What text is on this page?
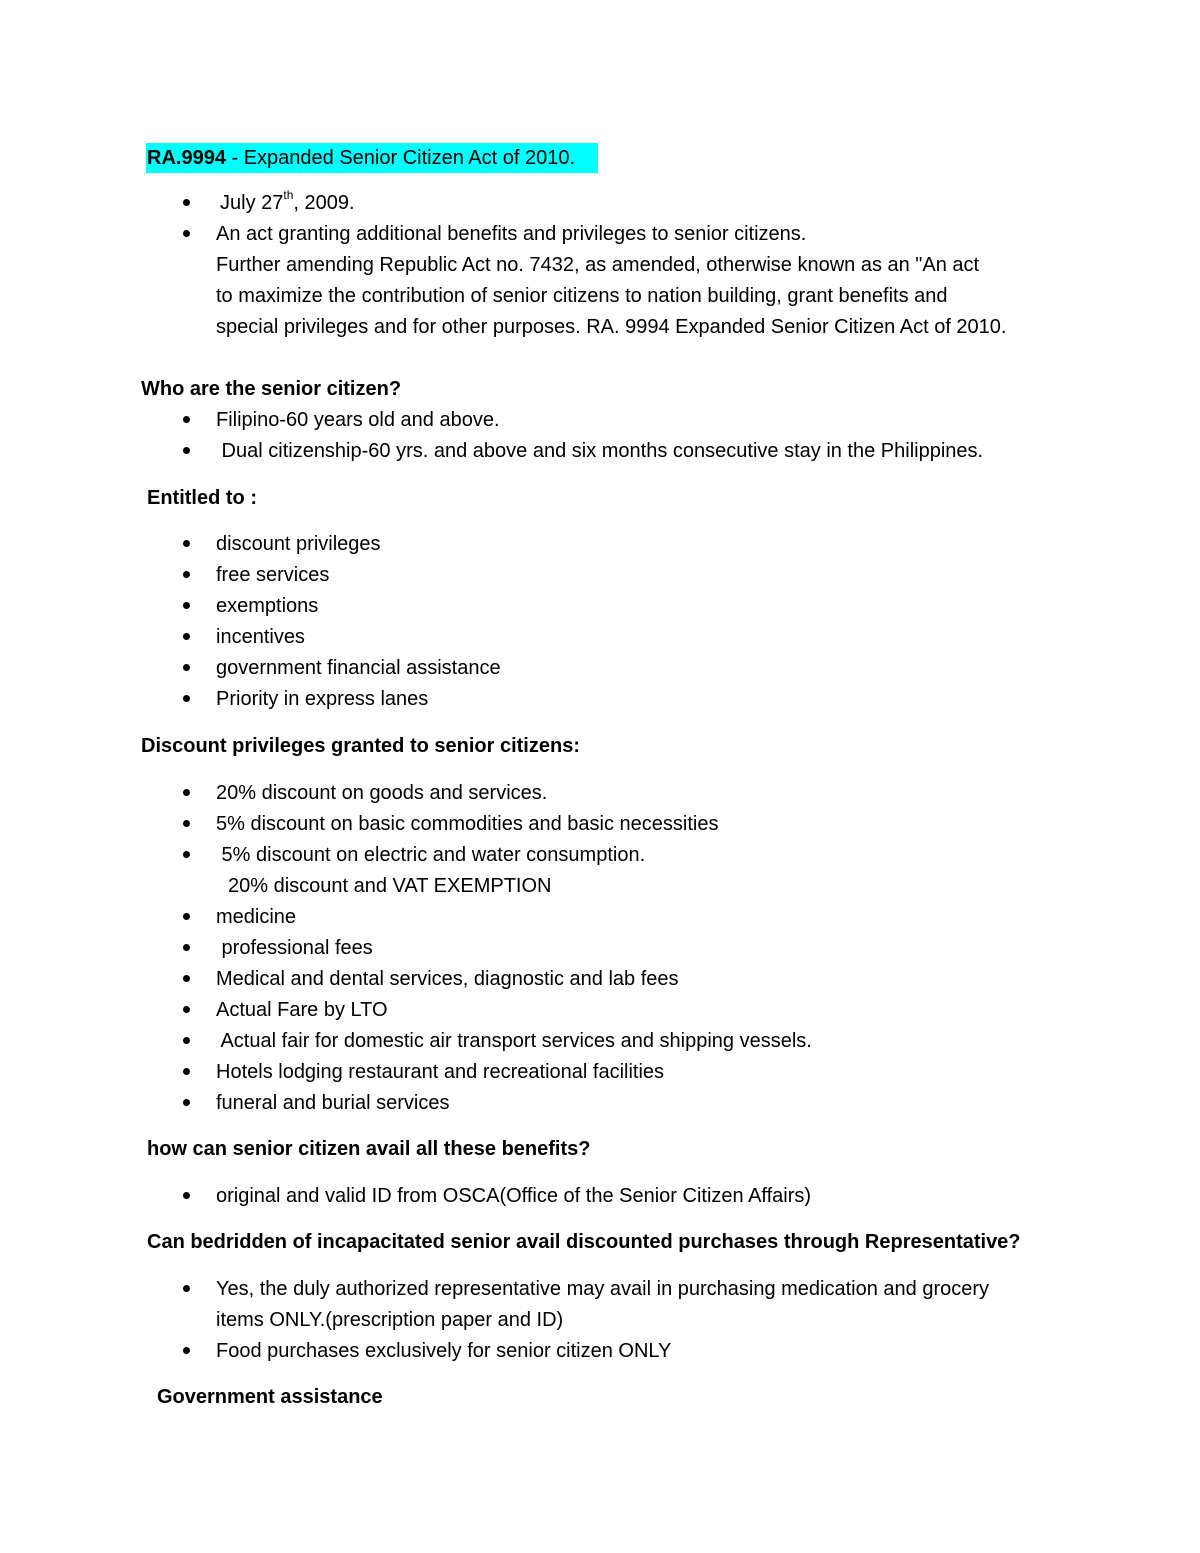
RA.9994 - Expanded Senior Citizen Act of 2010.
July 27th, 2009.
An act granting additional benefits and privileges to senior citizens.
Further amending Republic Act no. 7432, as amended, otherwise known as an "An act
to maximize the contribution of senior citizens to nation building, grant benefits and
special privileges and for other purposes. RA. 9994 Expanded Senior Citizen Act of 2010.
Who are the senior citizen?
Filipino-60 years old and above.
Dual citizenship-60 yrs. and above and six months consecutive stay in the Philippines.
Entitled to :
discount privileges
free services
exemptions
incentives
government financial assistance
Priority in express lanes
Discount privileges granted to senior citizens:
20% discount on goods and services.
5% discount on basic commodities and basic necessities
5% discount on electric and water consumption.
20% discount and VAT EXEMPTION
medicine
professional fees
Medical and dental services, diagnostic and lab fees
Actual Fare by LTO
Actual fair for domestic air transport services and shipping vessels.
Hotels lodging restaurant and recreational facilities
funeral and burial services
how can senior citizen avail all these benefits?
original and valid ID from OSCA(Office of the Senior Citizen Affairs)
Can bedridden of incapacitated senior avail discounted purchases through Representative?
Yes, the duly authorized representative may avail in purchasing medication and grocery
items ONLY.(prescription paper and ID)
Food purchases exclusively for senior citizen ONLY
Government assistance
